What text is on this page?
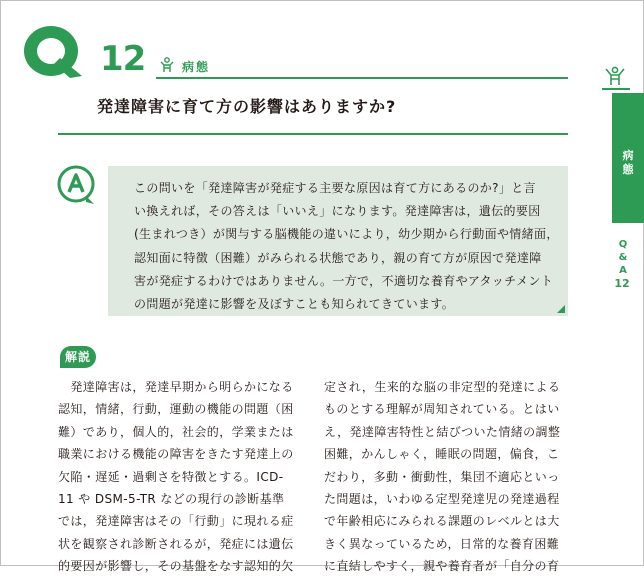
12	病態
発達障害に育て方の影響はありますか?
この問いを「発達障害が発症する主要な原因は育て方にあるのか?」と言
い換えれば，その答えは「いいえ」になります。発達障害は，遺伝的要因
(生まれつき）が関与する脳機能の違いにより，幼少期から行動面や情緒面，
認知面に特徴（困難）がみられる状態であり，親の育て方が原因で発達障
害が発症するわけではありません。一方で，不適切な養育やアタッチメント
の問題が発達に影響を及ぼすことも知られてきています。
解説
　発達障害は，発達早期から明らかになる
認知，情緒，行動，運動の機能の問題（困
難）であり，個人的，社会的，学業または
職業における機能の障害をきたす発達上の
欠陥・遅延・過剰さを特徴とする。ICD-
11 や DSM-5-TR などの現行の診断基準
では，発達障害はその「行動」に現れる症
状を観察され診断されるが，発症には遺伝
的要因が影響し，その基盤をなす認知的欠
定され，生来的な脳の非定型的発達による
ものとする理解が周知されている。とはい
え，発達障害特性と結びついた情緒の調整
困難，かんしゃく，睡眠の問題，偏食，こ
だわり，多動・衝動性，集団不適応といっ
た問題は，いわゆる定型発達児の発達過程
で年齢相応にみられる課題のレベルとは大
きく異なっているため，日常的な養育困難
に直結しやすく，親や養育者が「自分の育
病
態
Q
&
A
12
